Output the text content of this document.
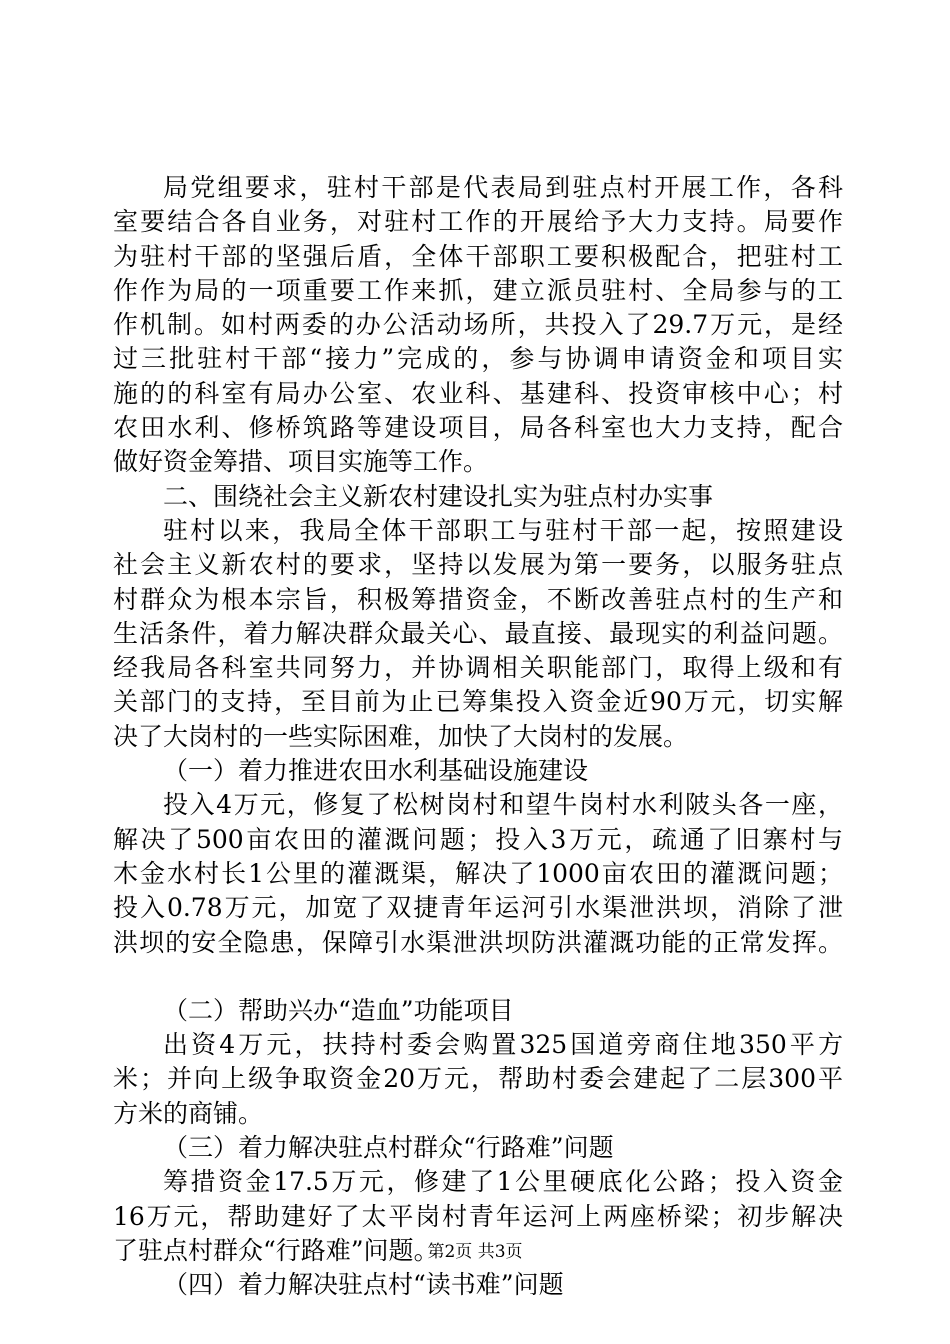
局党组要求，驻村干部是代表局到驻点村开展工作，各科
室要结合各自业务，对驻村工作的开展给予大力支持。局要作
为驻村干部的坚强后盾，全体干部职工要积极配合，把驻村工
作作为局的一项重要工作来抓，建立派员驻村、全局参与的工
作机制。如村两委的办公活动场所，共投入了29.7万元，是经
过三批驻村干部“接力”完成的，参与协调申请资金和项目实
施的的科室有局办公室、农业科、基建科、投资审核中心；村
农田水利、修桥筑路等建设项目，局各科室也大力支持，配合
做好资金筹措、项目实施等工作。
二、围绕社会主义新农村建设扎实为驻点村办实事
驻村以来，我局全体干部职工与驻村干部一起，按照建设
社会主义新农村的要求，坚持以发展为第一要务，以服务驻点
村群众为根本宗旨，积极筹措资金，不断改善驻点村的生产和
生活条件，着力解决群众最关心、最直接、最现实的利益问题。
经我局各科室共同努力，并协调相关职能部门，取得上级和有
关部门的支持，至目前为止已筹集投入资金近90万元，切实解
决了大岗村的一些实际困难，加快了大岗村的发展。
（一）着力推进农田水利基础设施建设
投入4万元，修复了松树岗村和望牛岗村水利陂头各一座，
解决了500亩农田的灌溉问题；投入3万元，疏通了旧寨村与
木金水村长1公里的灌溉渠，解决了1000亩农田的灌溉问题；
投入0.78万元，加宽了双捷青年运河引水渠泄洪坝，消除了泄
洪坝的安全隐患，保障引水渠泄洪坝防洪灌溉功能的正常发挥。
（二）帮助兴办“造血”功能项目
出资4万元，扶持村委会购置325国道旁商住地350平方
米；并向上级争取资金20万元，帮助村委会建起了二层300平
方米的商铺。
（三）着力解决驻点村群众“行路难”问题
筹措资金17.5万元，修建了1公里硬底化公路；投入资金
16万元，帮助建好了太平岗村青年运河上两座桥梁；初步解决
了驻点村群众“行路难”问题。
（四）着力解决驻点村“读书难”问题
第2页 共3页
